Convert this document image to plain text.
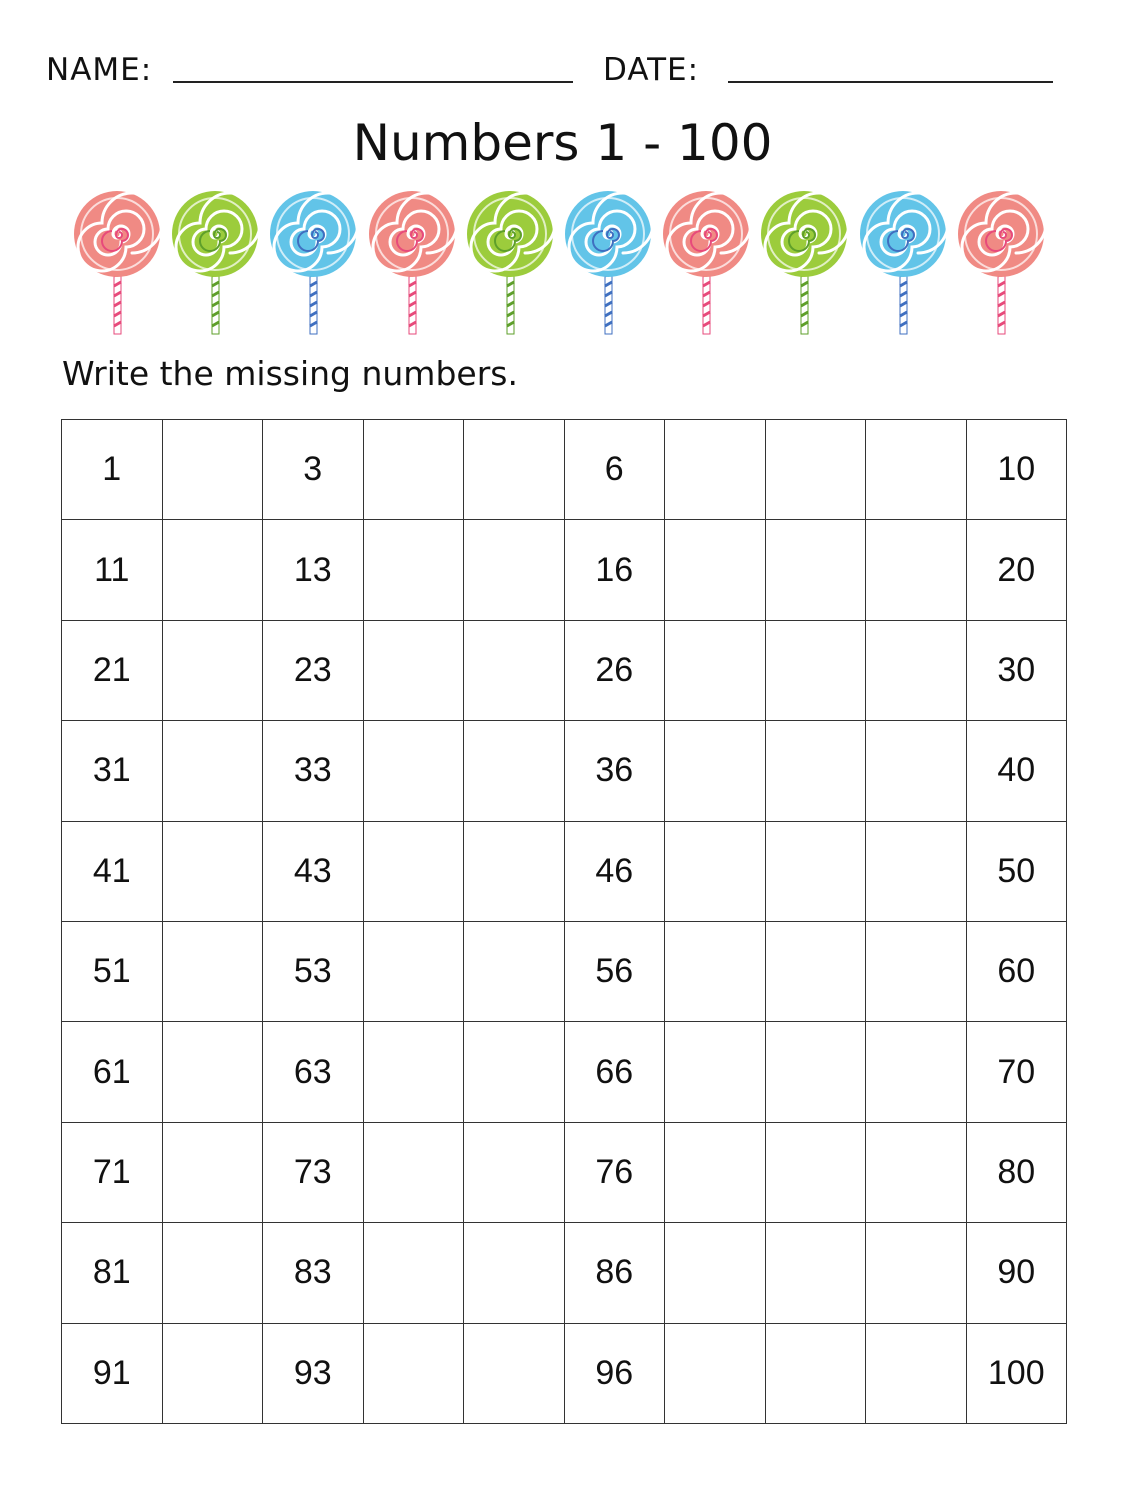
NAME:	DATE:
Numbers 1 - 100
Write the missing numbers.
1		3			6				10
11		13			16				20
21		23			26				30
31		33			36				40
41		43			46				50
51		53			56				60
61		63			66				70
71		73			76				80
81		83			86				90
91		93			96				100
